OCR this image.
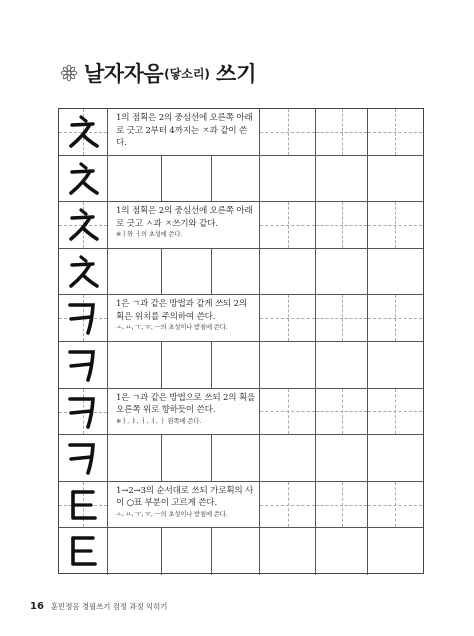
날자자음 (닿소리) 쓰기
1의 점획은 2의 중심선에 오른쪽 아래로 긋고 2부터 4까지는 ㅈ과 같이 쓴다.
1의 점획은 2의 중심선에 오른쪽 아래로 긋고 ㅅ과 ㅈ쓰기와 같다.
※ㅏ와 ㅓ의 초성에 쓴다.
1은 ㄱ과 같은 방법과 같게 쓰되 2의 획은 위치를 주의하여 쓴다.
ㅗ, ㅛ, ㅜ, ㅠ, ㅡ의 초성이나 받침에 쓴다.
1은 ㄱ과 같은 방법으로 쓰되 2의 획을 오른쪽 위로 향하듯이 쓴다.
※ㅏ, ㅑ, ㅓ, ㅕ, ㅣ 왼쪽에 쓴다.
1→2→3의 순서대로 쓰되 가로획의 사이 ○표 부분이 고르게 쓴다.
ㅗ, ㅛ, ㅜ, ㅠ, ㅡ의 초성이나 받침에 쓴다.
16 훈민정음 경필쓰기 검정 과정 익히기
